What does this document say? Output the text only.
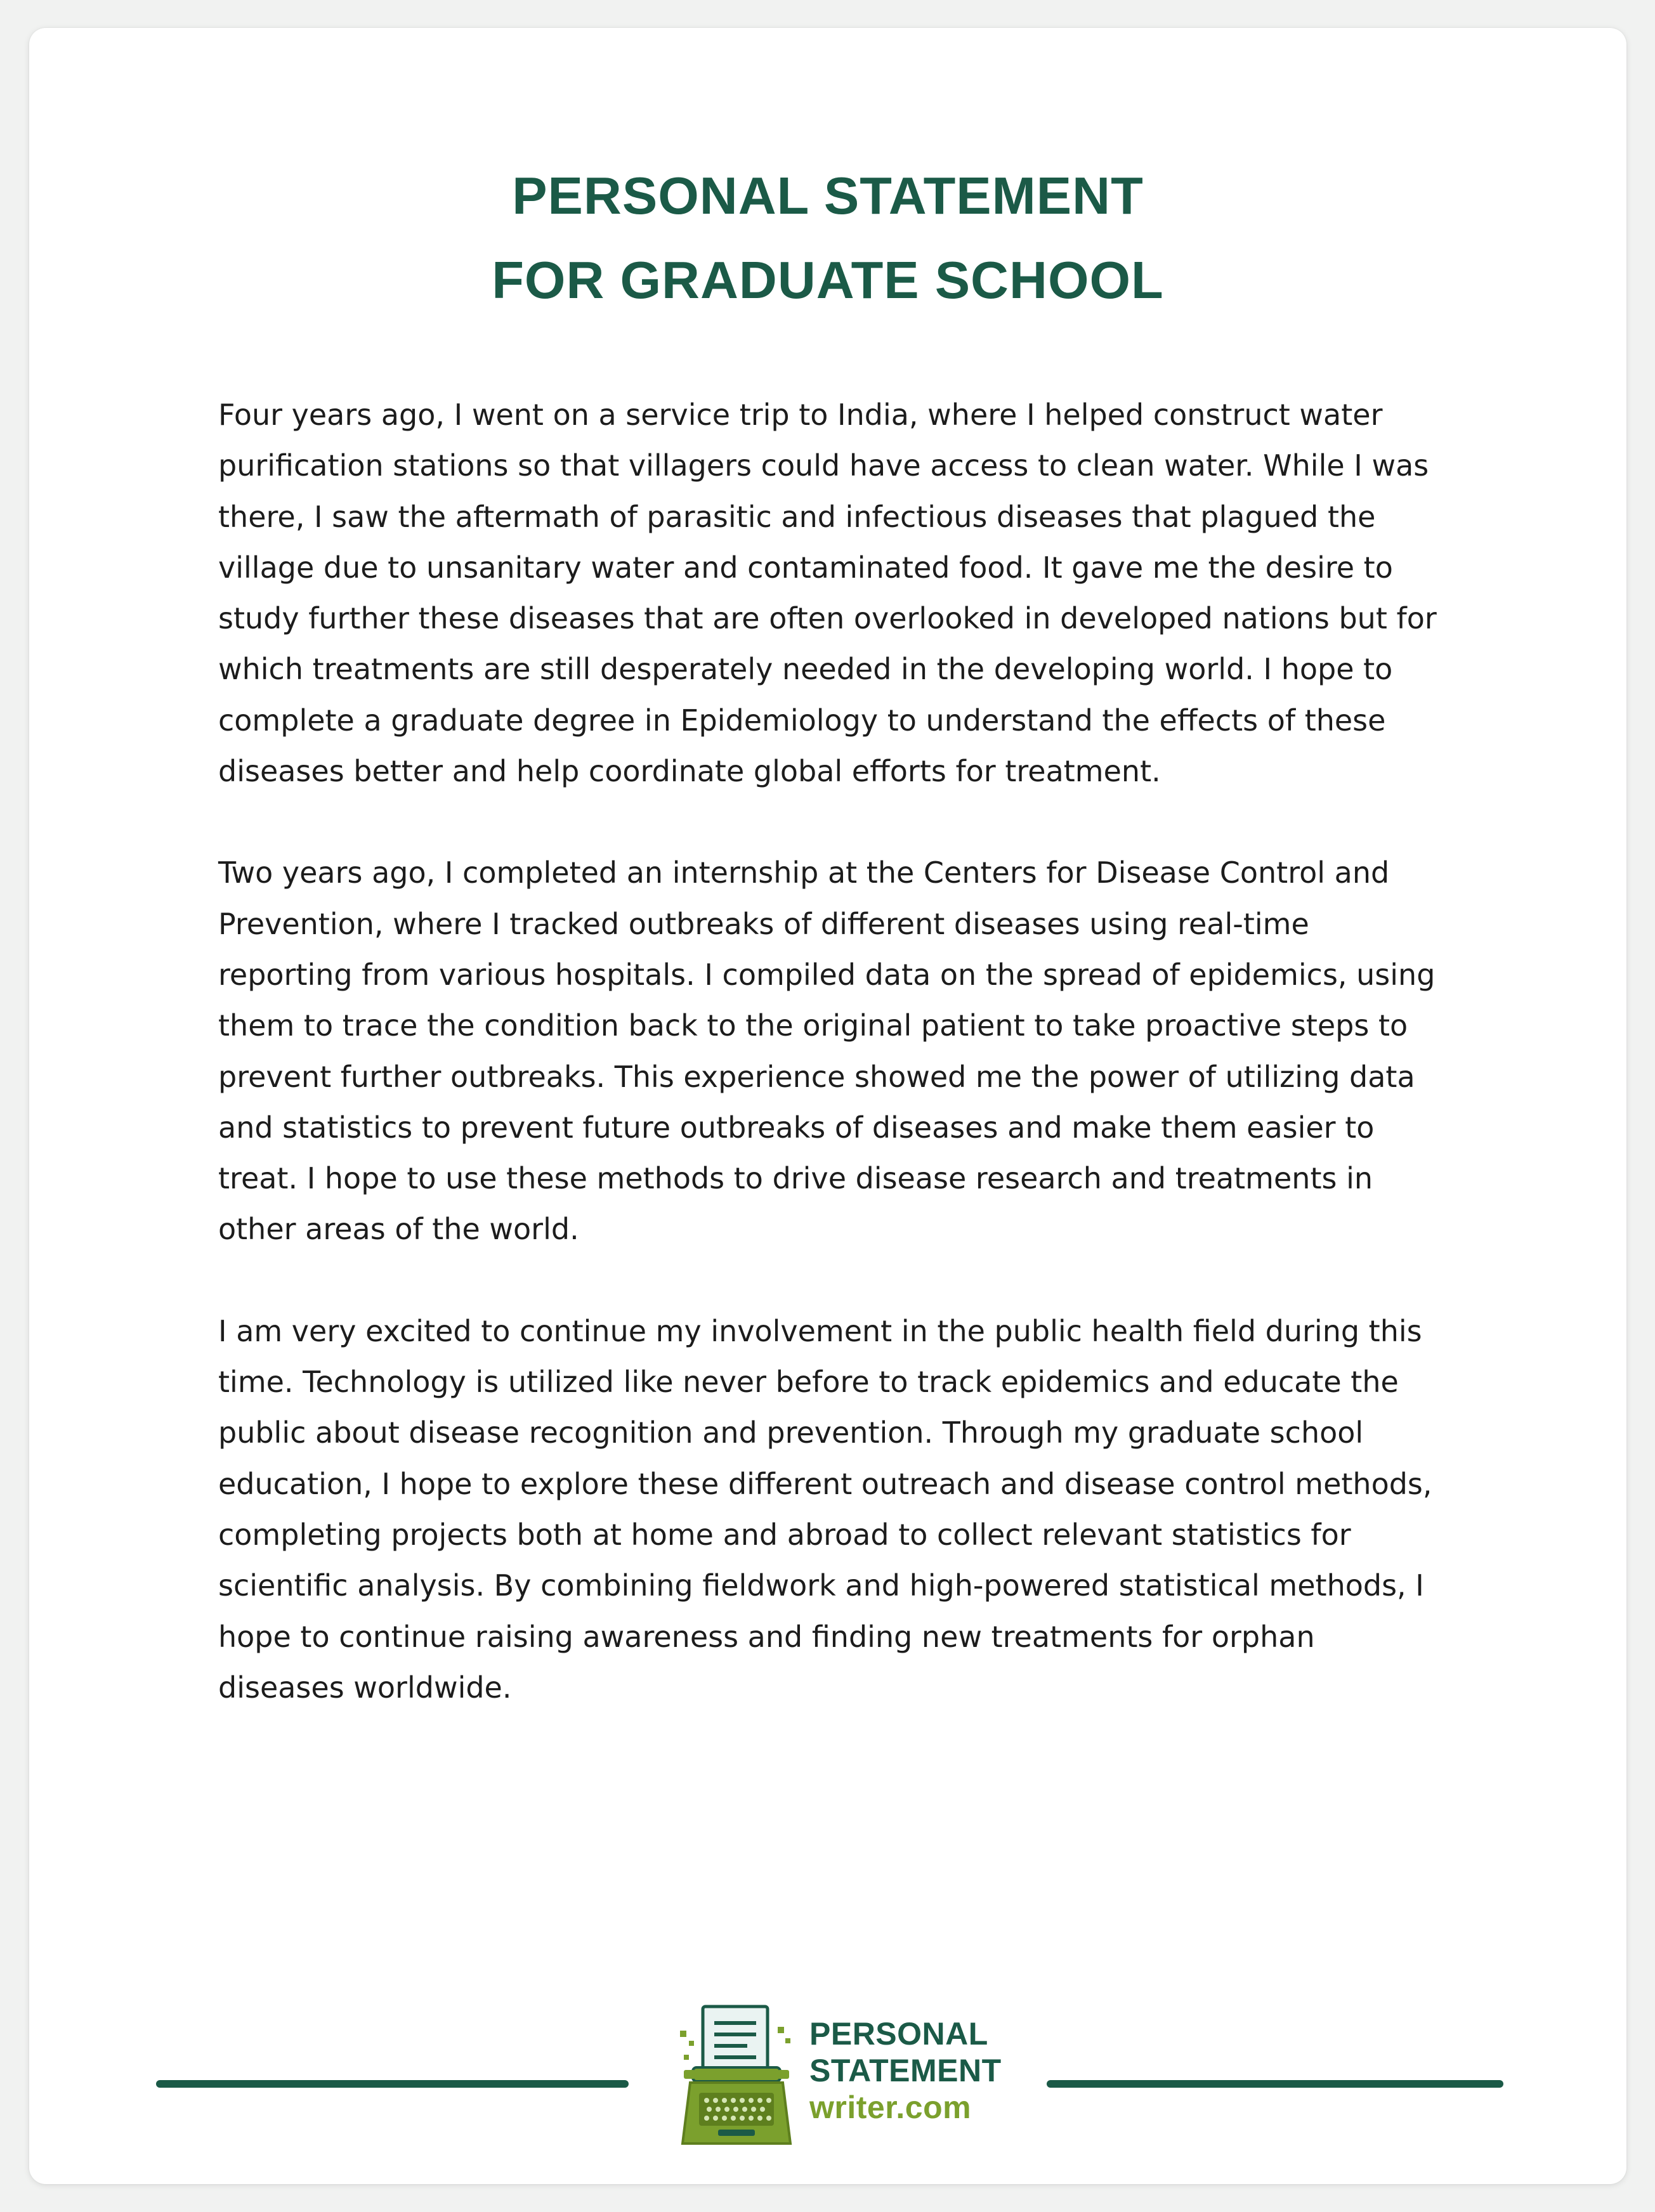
PERSONAL STATEMENT
FOR GRADUATE SCHOOL

Four years ago, I went on a service trip to India, where I helped construct water
purification stations so that villagers could have access to clean water. While I was
there, I saw the aftermath of parasitic and infectious diseases that plagued the
village due to unsanitary water and contaminated food. It gave me the desire to
study further these diseases that are often overlooked in developed nations but for
which treatments are still desperately needed in the developing world. I hope to
complete a graduate degree in Epidemiology to understand the effects of these
diseases better and help coordinate global efforts for treatment.

Two years ago, I completed an internship at the Centers for Disease Control and
Prevention, where I tracked outbreaks of different diseases using real-time
reporting from various hospitals. I compiled data on the spread of epidemics, using
them to trace the condition back to the original patient to take proactive steps to
prevent further outbreaks. This experience showed me the power of utilizing data
and statistics to prevent future outbreaks of diseases and make them easier to
treat. I hope to use these methods to drive disease research and treatments in
other areas of the world.

I am very excited to continue my involvement in the public health field during this
time. Technology is utilized like never before to track epidemics and educate the
public about disease recognition and prevention. Through my graduate school
education, I hope to explore these different outreach and disease control methods,
completing projects both at home and abroad to collect relevant statistics for
scientific analysis. By combining fieldwork and high-powered statistical methods, I
hope to continue raising awareness and finding new treatments for orphan
diseases worldwide.

PERSONAL
STATEMENT
writer.com
